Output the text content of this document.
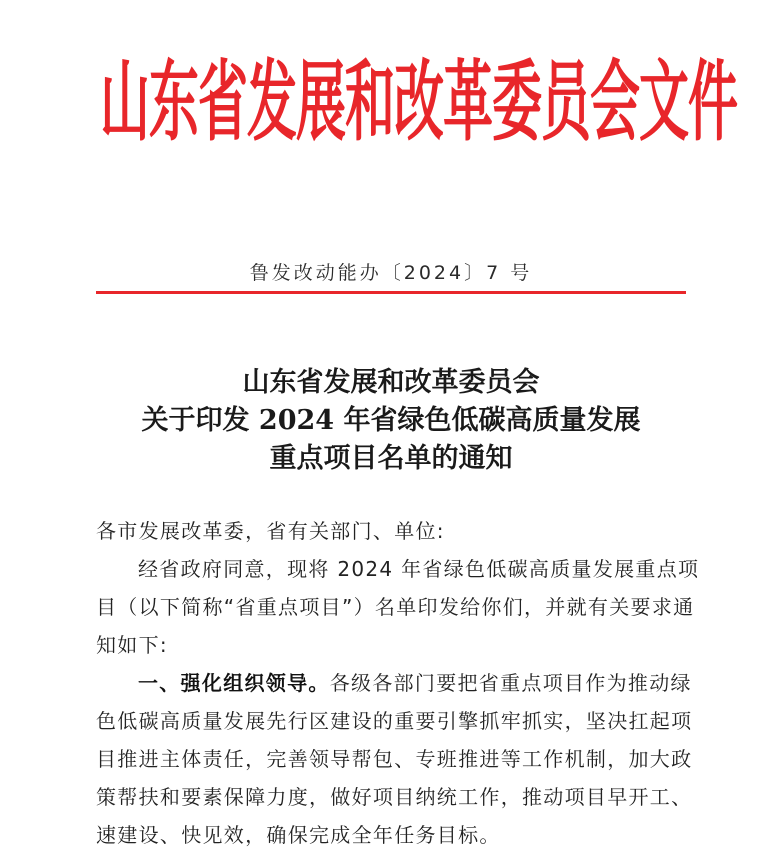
山东省发展和改革委员会文件
鲁发改动能办〔2024〕7 号
山东省发展和改革委员会
关于印发 2024 年省绿色低碳高质量发展
重点项目名单的通知
各市发展改革委，省有关部门、单位:
经省政府同意，现将 2024 年省绿色低碳高质量发展重点项
目（以下简称“省重点项目”）名单印发给你们，并就有关要求通
知如下:
一、强化组织领导。各级各部门要把省重点项目作为推动绿
色低碳高质量发展先行区建设的重要引擎抓牢抓实，坚决扛起项
目推进主体责任，完善领导帮包、专班推进等工作机制，加大政
策帮扶和要素保障力度，做好项目纳统工作，推动项目早开工、
速建设、快见效，确保完成全年任务目标。
